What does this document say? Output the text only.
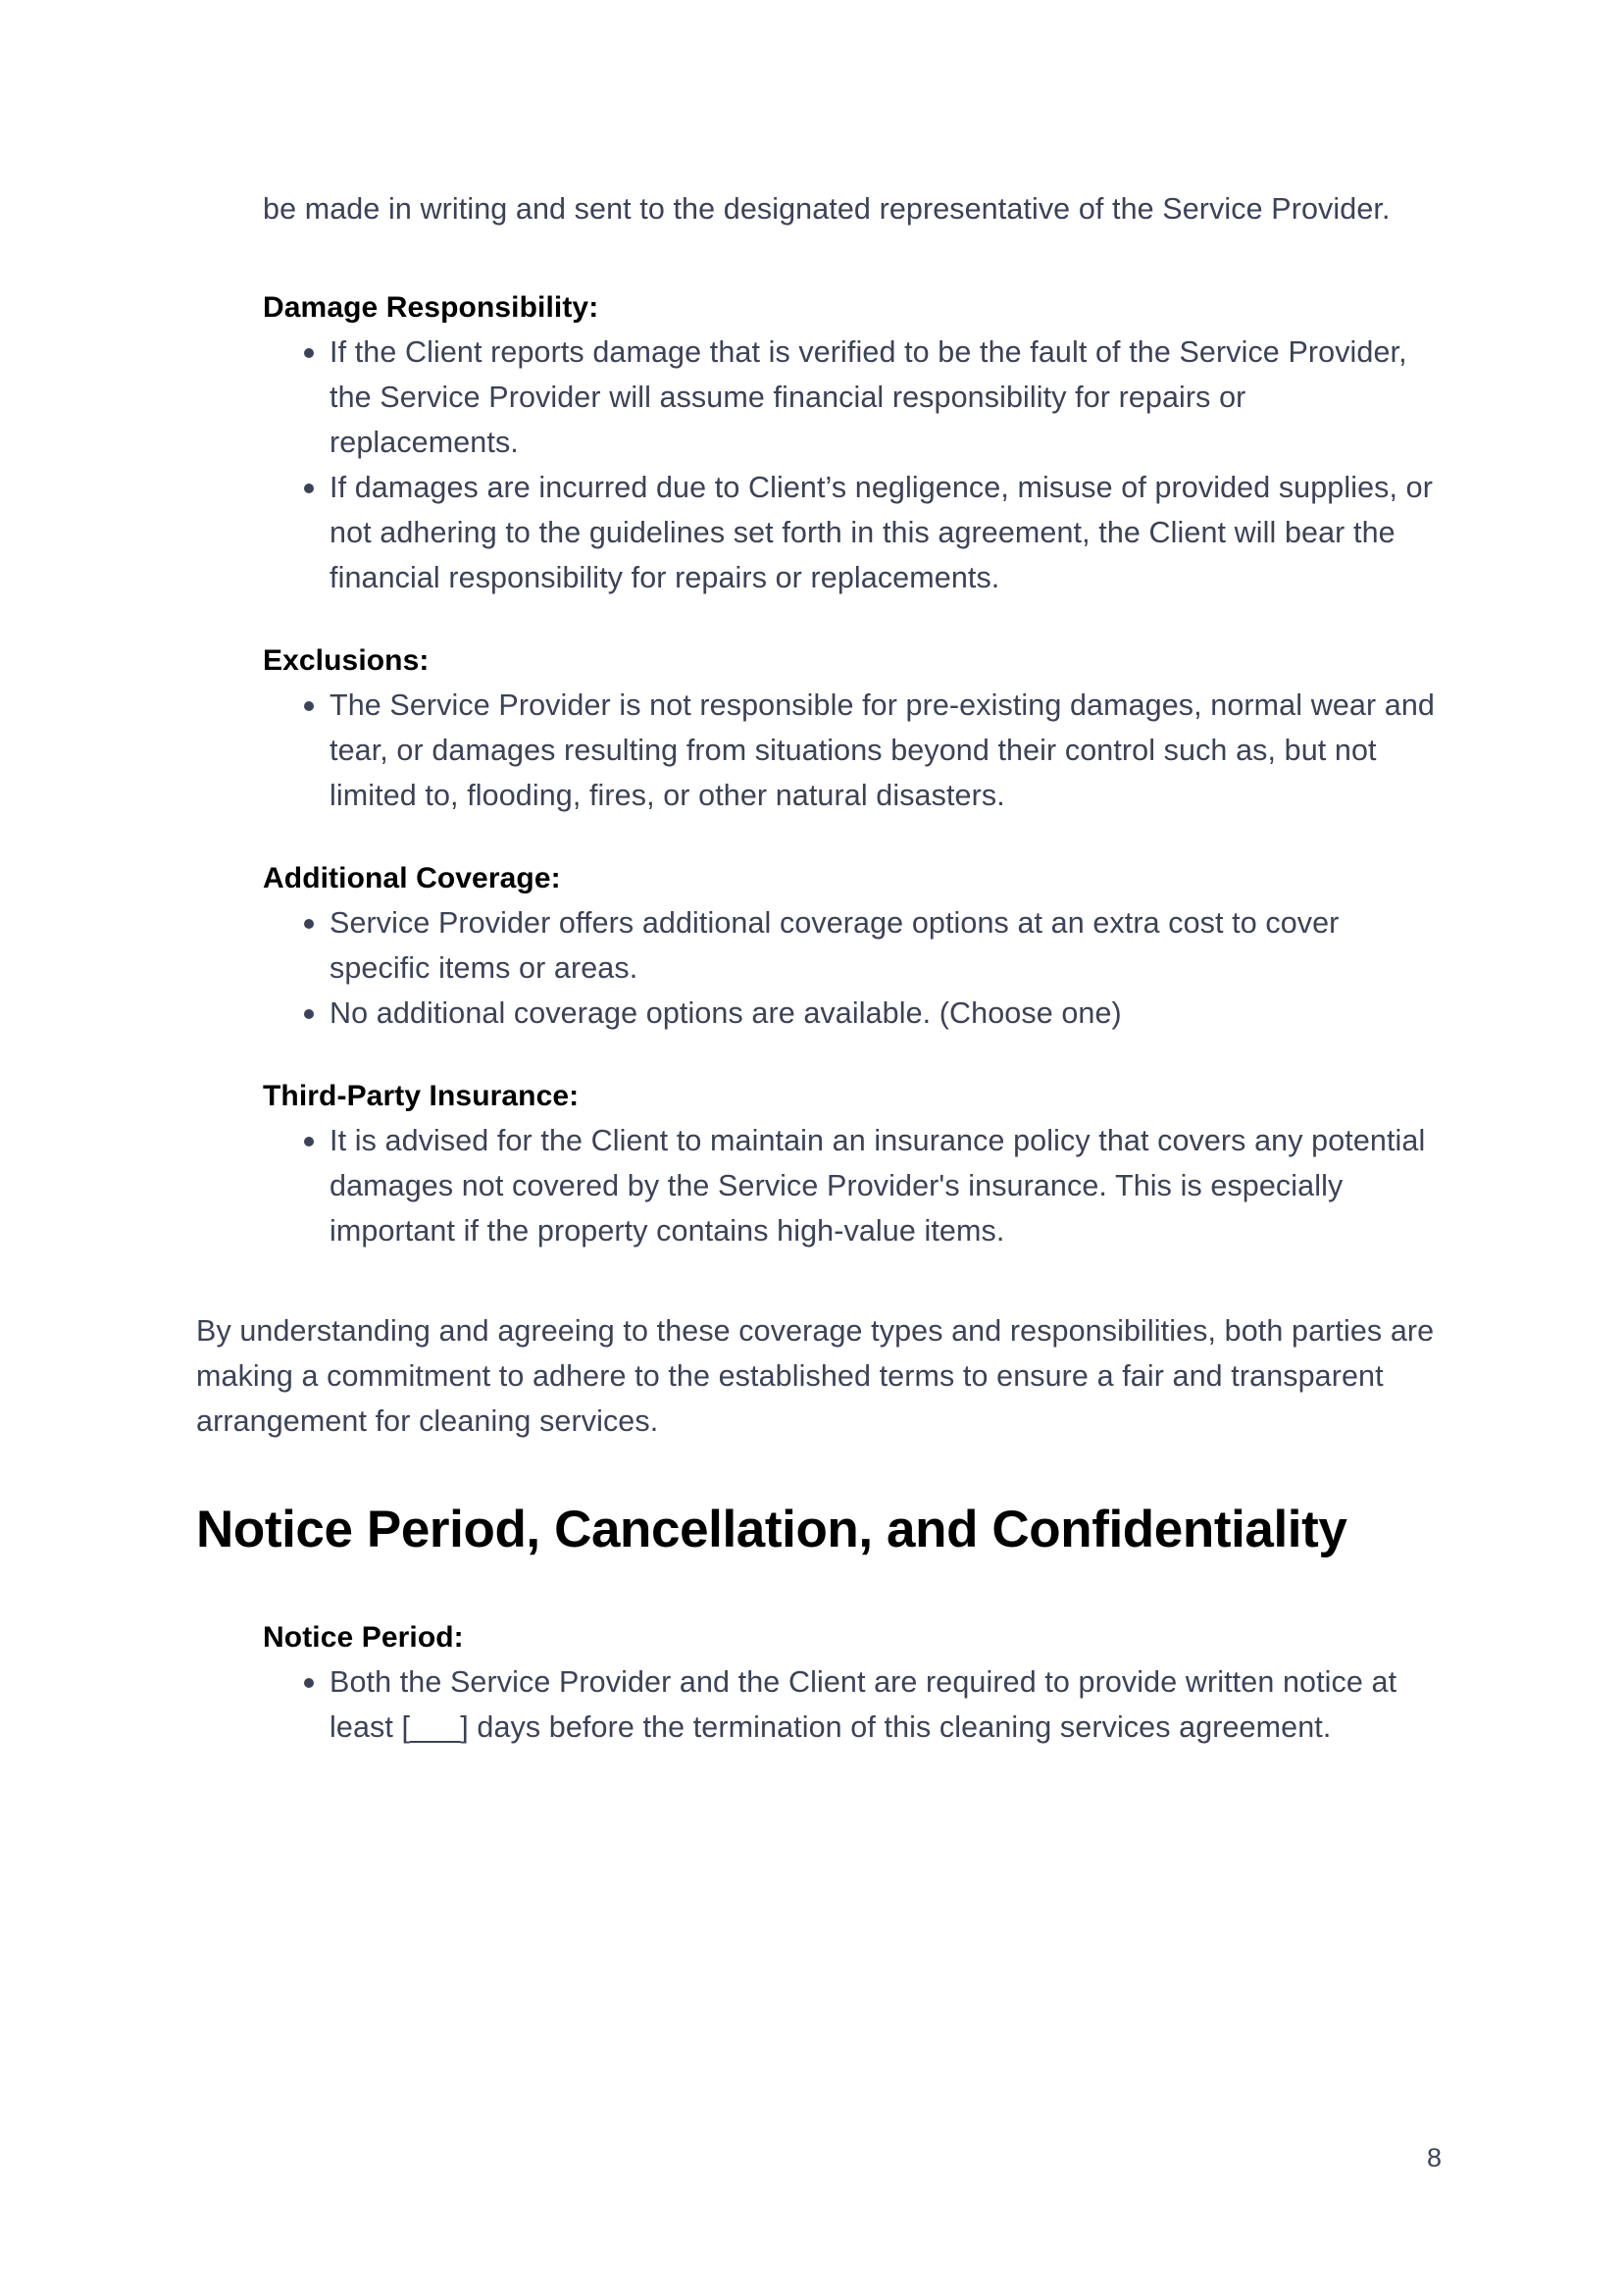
be made in writing and sent to the designated representative of the Service Provider.

Damage Responsibility:

If the Client reports damage that is verified to be the fault of the Service Provider, the Service Provider will assume financial responsibility for repairs or replacements.
If damages are incurred due to Client’s negligence, misuse of provided supplies, or not adhering to the guidelines set forth in this agreement, the Client will bear the financial responsibility for repairs or replacements.

Exclusions:

The Service Provider is not responsible for pre-existing damages, normal wear and tear, or damages resulting from situations beyond their control such as, but not limited to, flooding, fires, or other natural disasters.

Additional Coverage:

Service Provider offers additional coverage options at an extra cost to cover specific items or areas.
No additional coverage options are available. (Choose one)

Third-Party Insurance:

It is advised for the Client to maintain an insurance policy that covers any potential damages not covered by the Service Provider's insurance. This is especially important if the property contains high-value items.

By understanding and agreeing to these coverage types and responsibilities, both parties are making a commitment to adhere to the established terms to ensure a fair and transparent arrangement for cleaning services.

Notice Period, Cancellation, and Confidentiality

Notice Period:

Both the Service Provider and the Client are required to provide written notice at least [___] days before the termination of this cleaning services agreement.
8
